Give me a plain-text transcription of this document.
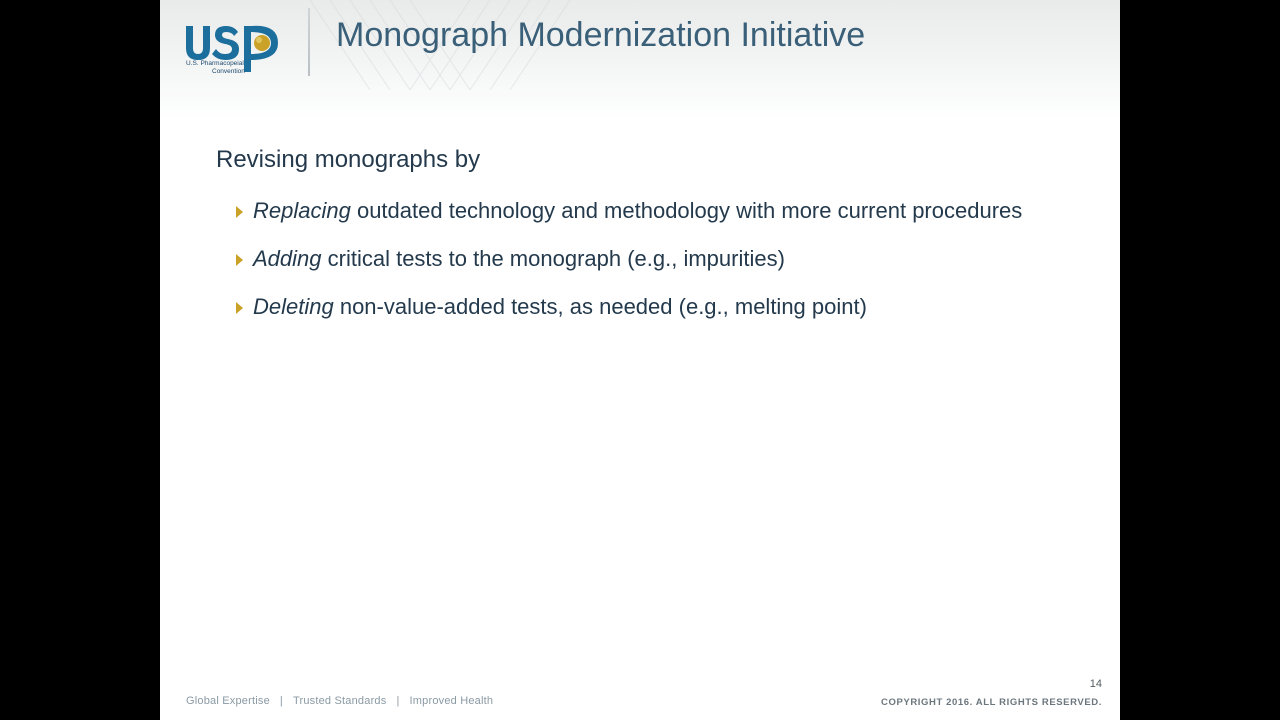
U.S. Pharmacopeial
Convention
Monograph Modernization Initiative

Revising monographs by

Replacing outdated technology and methodology with more current procedures
Adding critical tests to the monograph (e.g., impurities)
Deleting non-value-added tests, as needed (e.g., melting point)
14
Global Expertise | Trusted Standards | Improved Health	COPYRIGHT 2016. ALL RIGHTS RESERVED.
